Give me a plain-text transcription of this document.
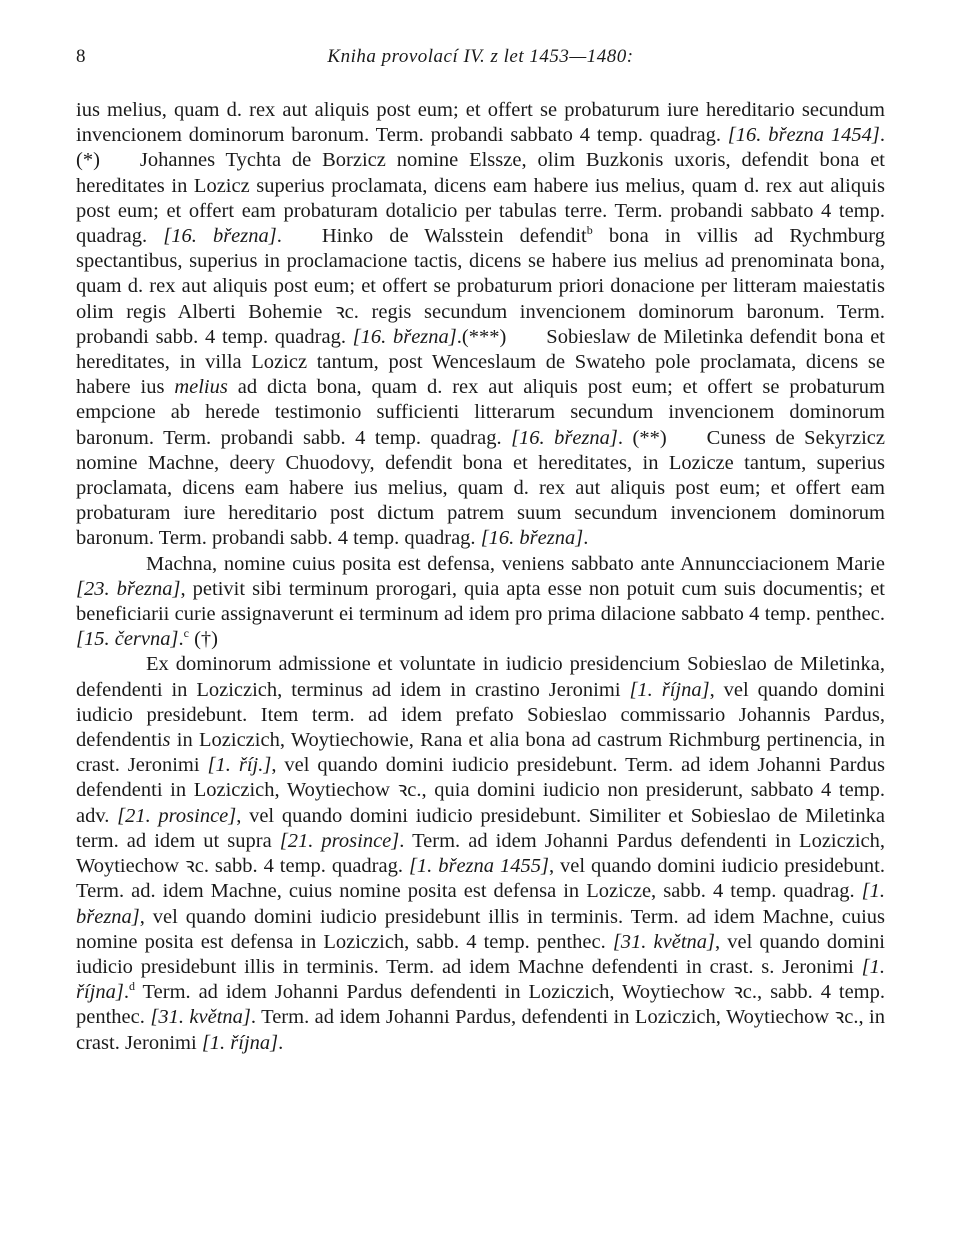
8	Kniha provolací IV. z let 1453—1480:

ius melius, quam d. rex aut aliquis post eum; et offert se probaturum iure hereditario secundum invencionem dominorum baronum. Term. probandi sabbato 4 temp. quadrag. [16. března 1454].(*) Johannes Tychta de Borzicz nomine Elssze, olim Buzkonis uxoris, defendit bona et hereditates in Lozicz superius proclamata, dicens eam habere ius melius, quam d. rex aut aliquis post eum; et offert eam probaturam dotalicio per tabulas terre. Term. probandi sabbato 4 temp. quadrag. [16. března]. Hinko de Walsstein defendit$^b$ bona in villis ad Rychmburg spectantibus, superius in proclamacione tactis, dicens se habere ius melius ad prenominata bona, quam d. rex aut aliquis post eum; et offert se probaturum priori donacione per litteram maiestatis olim regis Alberti Bohemie ꝛc. regis secundum invencionem dominorum baronum. Term. probandi sabb. 4 temp. quadrag. [16. března].(***) Sobieslaw de Miletinka defendit bona et hereditates, in villa Lozicz tantum, post Wenceslaum de Swateho pole proclamata, dicens se habere ius melius ad dicta bona, quam d. rex aut aliquis post eum; et offert se probaturum empcione ab herede testimonio sufficienti litterarum secundum invencionem dominorum baronum. Term. probandi sabb. 4 temp. quadrag. [16. března]. (**) Cuness de Sekyrzicz nomine Machne, deery Chuodovy, defendit bona et hereditates, in Lozicze tantum, superius proclamata, dicens eam habere ius melius, quam d. rex aut aliquis post eum; et offert eam probaturam iure hereditario post dictum patrem suum secundum invencionem dominorum baronum. Term. probandi sabb. 4 temp. quadrag. [16. března].

Machna, nomine cuius posita est defensa, veniens sabbato ante Annuncciacionem Marie [23. března], petivit sibi terminum prorogari, quia apta esse non potuit cum suis documentis; et beneficiarii curie assignaverunt ei terminum ad idem pro prima dilacione sabbato 4 temp. penthec. [15. června].$^c$ (†)

Ex dominorum admissione et voluntate in iudicio presidencium Sobieslao de Miletinka, defendenti in Loziczich, terminus ad idem in crastino Jeronimi [1. října], vel quando domini iudicio presidebunt. Item term. ad idem prefato Sobieslao commissario Johannis Pardus, defendentis in Loziczich, Woytiechowie, Rana et alia bona ad castrum Richmburg pertinencia, in crast. Jeronimi [1. říj.], vel quando domini iudicio presidebunt. Term. ad idem Johanni Pardus defendenti in Loziczich, Woytiechow ꝛc., quia domini iudicio non presiderunt, sabbato 4 temp. adv. [21. prosince], vel quando domini iudicio presidebunt. Similiter et Sobieslao de Miletinka term. ad idem ut supra [21. prosince]. Term. ad idem Johanni Pardus defendenti in Loziczich, Woytiechow ꝛc. sabb. 4 temp. quadrag. [1. března 1455], vel quando domini iudicio presidebunt. Term. ad. idem Machne, cuius nomine posita est defensa in Lozicze, sabb. 4 temp. quadrag. [1. března], vel quando domini iudicio presidebunt illis in terminis. Term. ad idem Machne, cuius nomine posita est defensa in Loziczich, sabb. 4 temp. penthec. [31. května], vel quando domini iudicio presidebunt illis in terminis. Term. ad idem Machne defendenti in crast. s. Jeronimi [1. října].$^d$ Term. ad idem Johanni Pardus defendenti in Loziczich, Woytiechow ꝛc., sabb. 4 temp. penthec. [31. května]. Term. ad idem Johanni Pardus, defendenti in Loziczich, Woytiechow ꝛc., in crast. Jeronimi [1. října].
